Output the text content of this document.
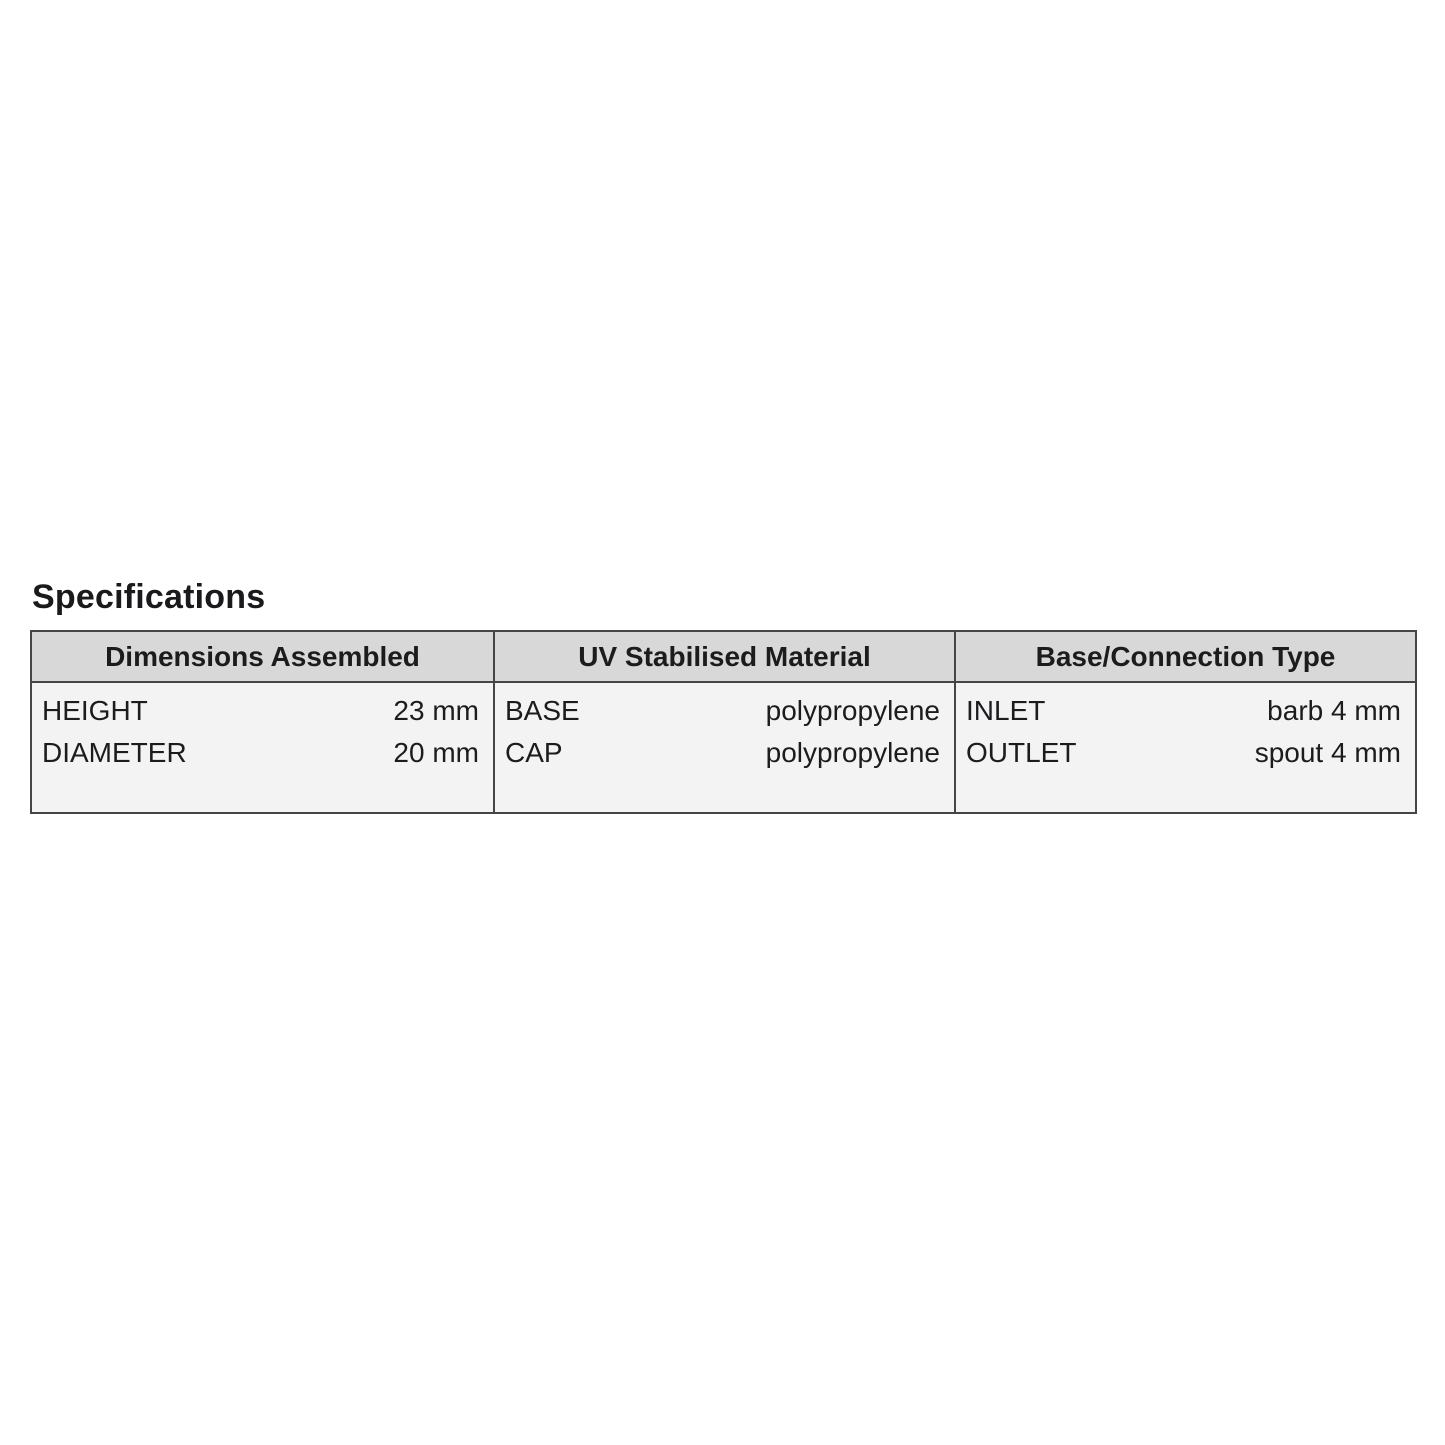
Specifications
Dimensions Assembled
HEIGHT	23 mm
DIAMETER	20 mm
UV Stabilised Material
BASE	polypropylene
CAP	polypropylene
Base/Connection Type
INLET	barb 4 mm
OUTLET	spout 4 mm
